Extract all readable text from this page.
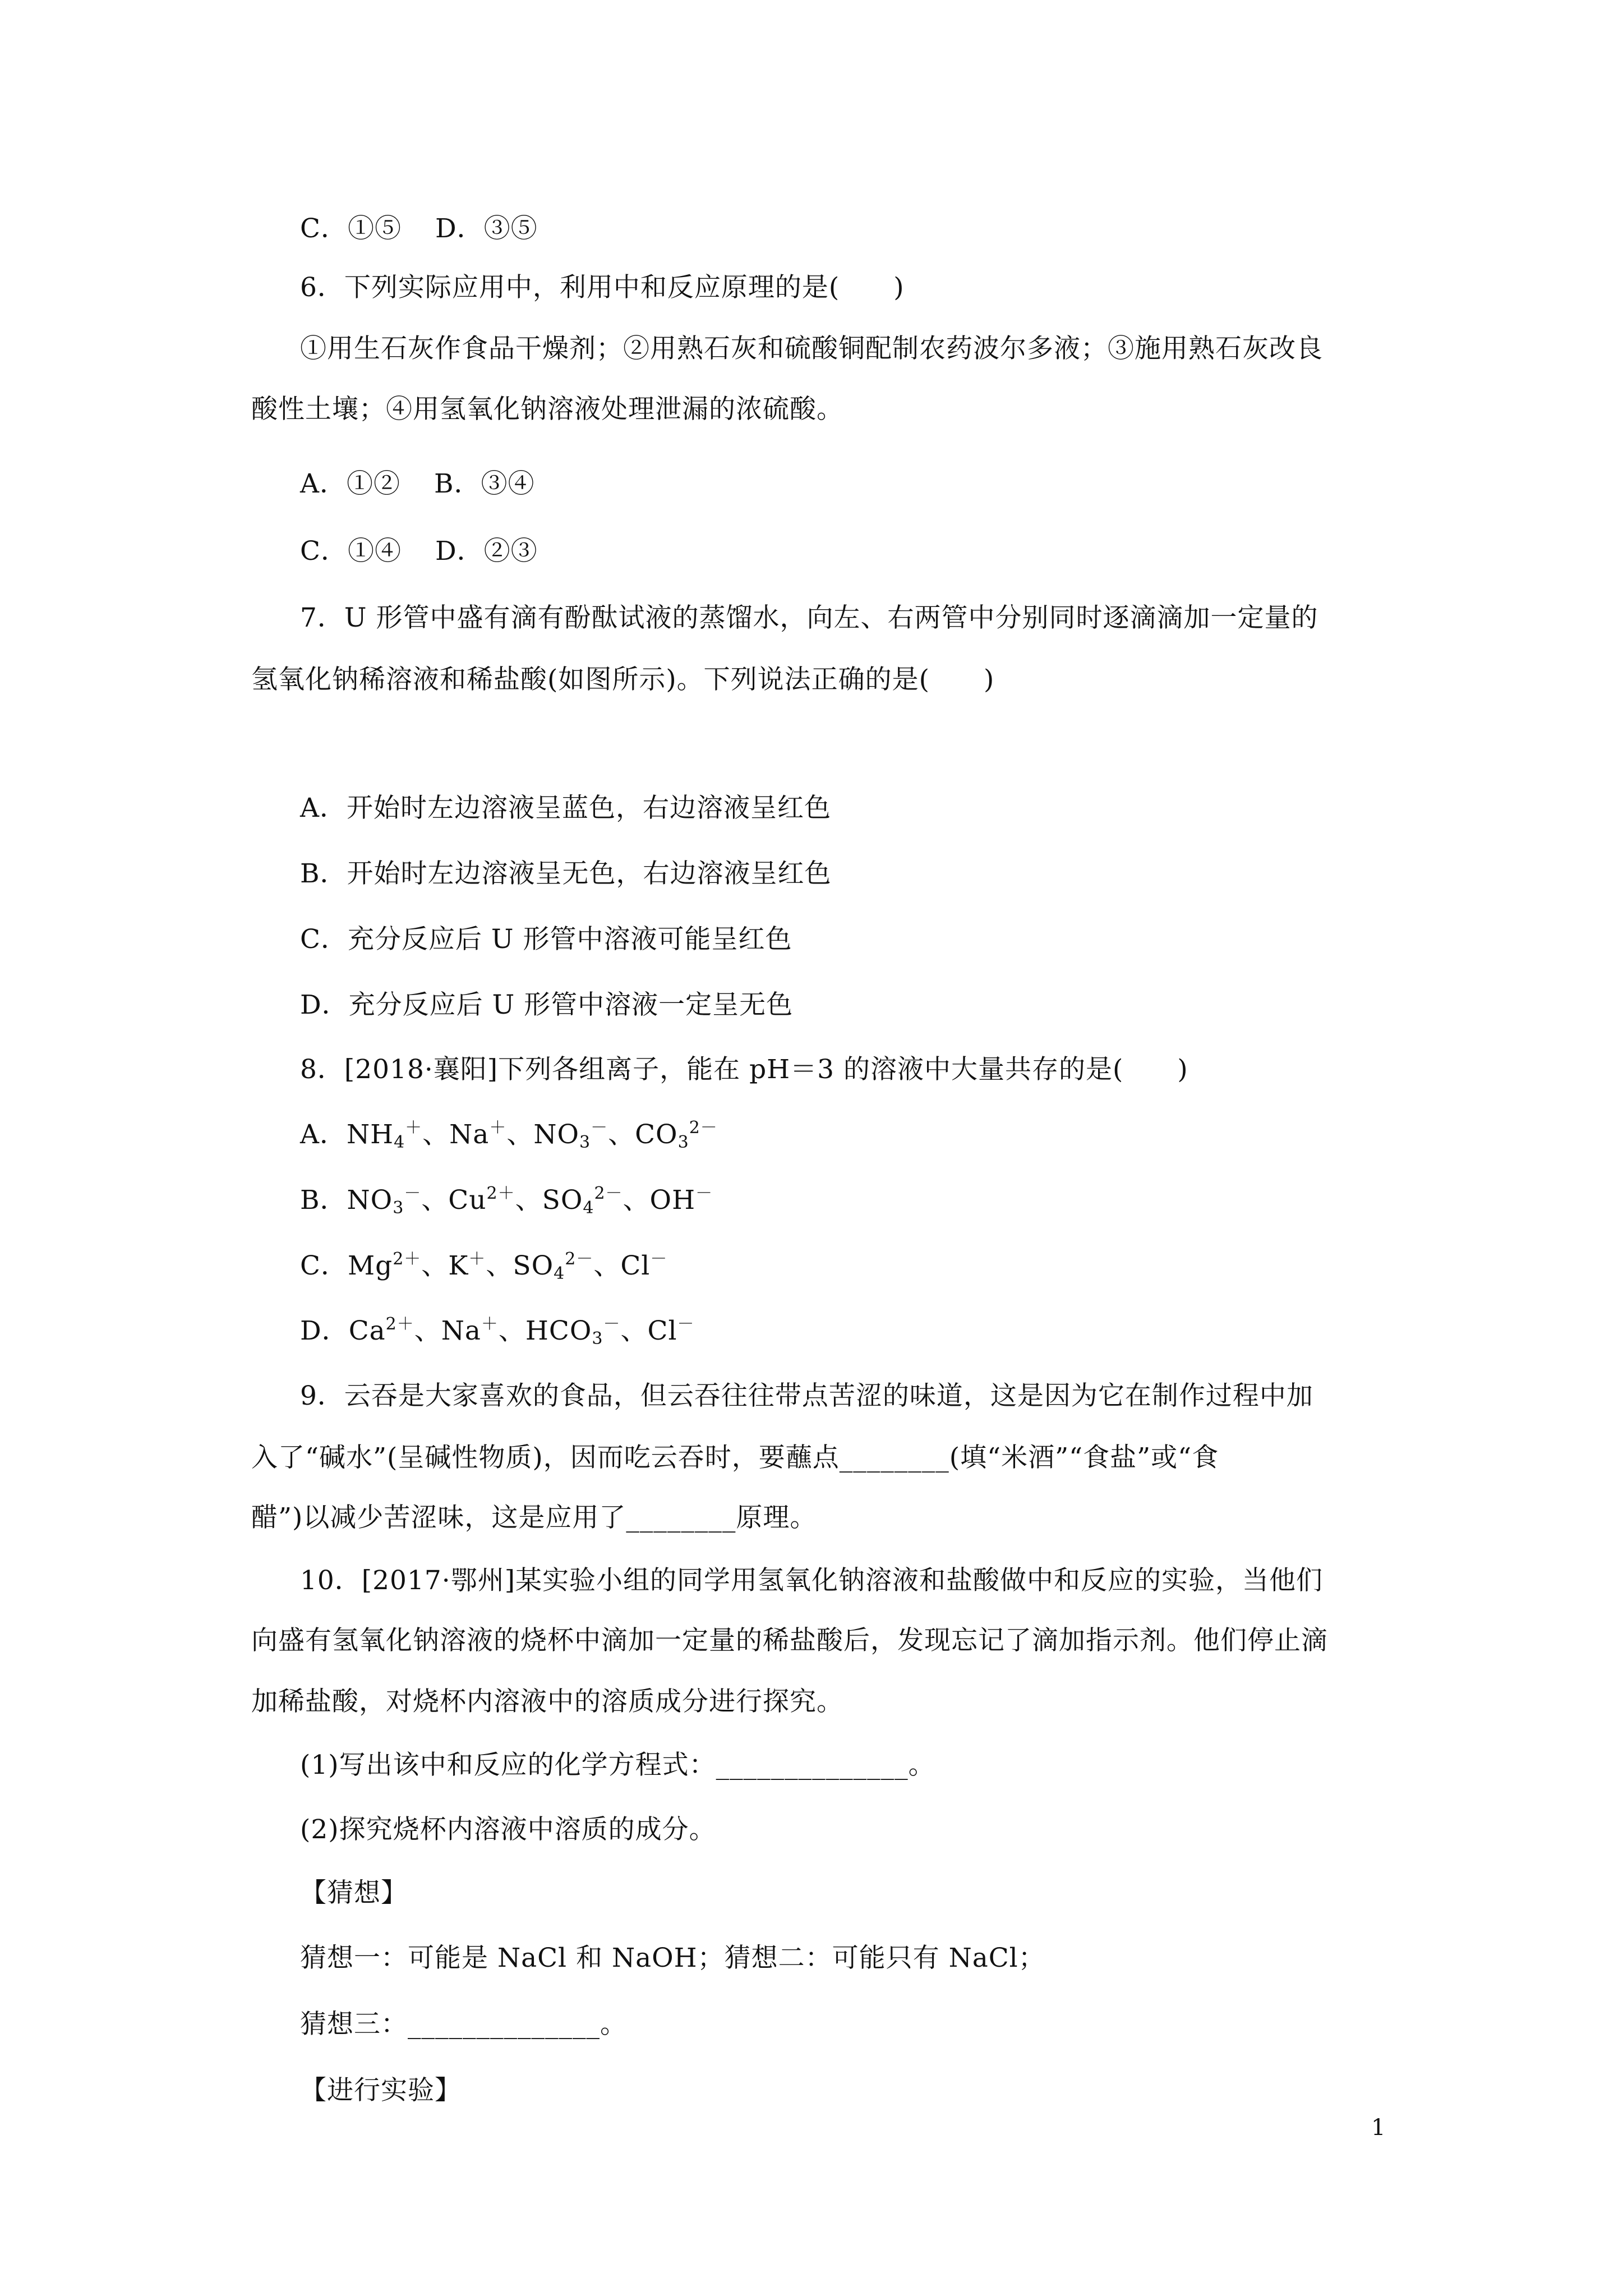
C．①⑤ D．③⑤
6．下列实际应用中，利用中和反应原理的是(　　)
①用生石灰作食品干燥剂；②用熟石灰和硫酸铜配制农药波尔多液；③施用熟石灰改良
酸性土壤；④用氢氧化钠溶液处理泄漏的浓硫酸。
A．①② B．③④
C．①④ D．②③
7．U 形管中盛有滴有酚酞试液的蒸馏水，向左、右两管中分别同时逐滴滴加一定量的
氢氧化钠稀溶液和稀盐酸(如图所示)。下列说法正确的是(　　)
A．开始时左边溶液呈蓝色，右边溶液呈红色
B．开始时左边溶液呈无色，右边溶液呈红色
C．充分反应后 U 形管中溶液可能呈红色
D．充分反应后 U 形管中溶液一定呈无色
8．[2018·襄阳]下列各组离子，能在 pH＝3 的溶液中大量共存的是(　　)
A．$NH_4^+$、Na＋、$NO_3^-$、$CO_3^{2-}$
B．$NO_3^-$、$Cu^{2+}$、$SO_4^{2-}$、OH－
C．$Mg^{2+}$、K＋、$SO_4^{2-}$、Cl－
D．$Ca^{2+}$、Na＋、$HCO_3^-$、Cl－
9．云吞是大家喜欢的食品，但云吞往往带点苦涩的味道，这是因为它在制作过程中加
入了“碱水”(呈碱性物质)，因而吃云吞时，要蘸点________(填“米酒”“食盐”或“食
醋”)以减少苦涩味，这是应用了________原理。
10．[2017·鄂州]某实验小组的同学用氢氧化钠溶液和盐酸做中和反应的实验，当他们
向盛有氢氧化钠溶液的烧杯中滴加一定量的稀盐酸后，发现忘记了滴加指示剂。他们停止滴
加稀盐酸，对烧杯内溶液中的溶质成分进行探究。
(1)写出该中和反应的化学方程式：______________。
(2)探究烧杯内溶液中溶质的成分。
【猜想】
猜想一：可能是 NaCl 和 NaOH；猜想二：可能只有 NaCl；
猜想三：______________。
【进行实验】
1
